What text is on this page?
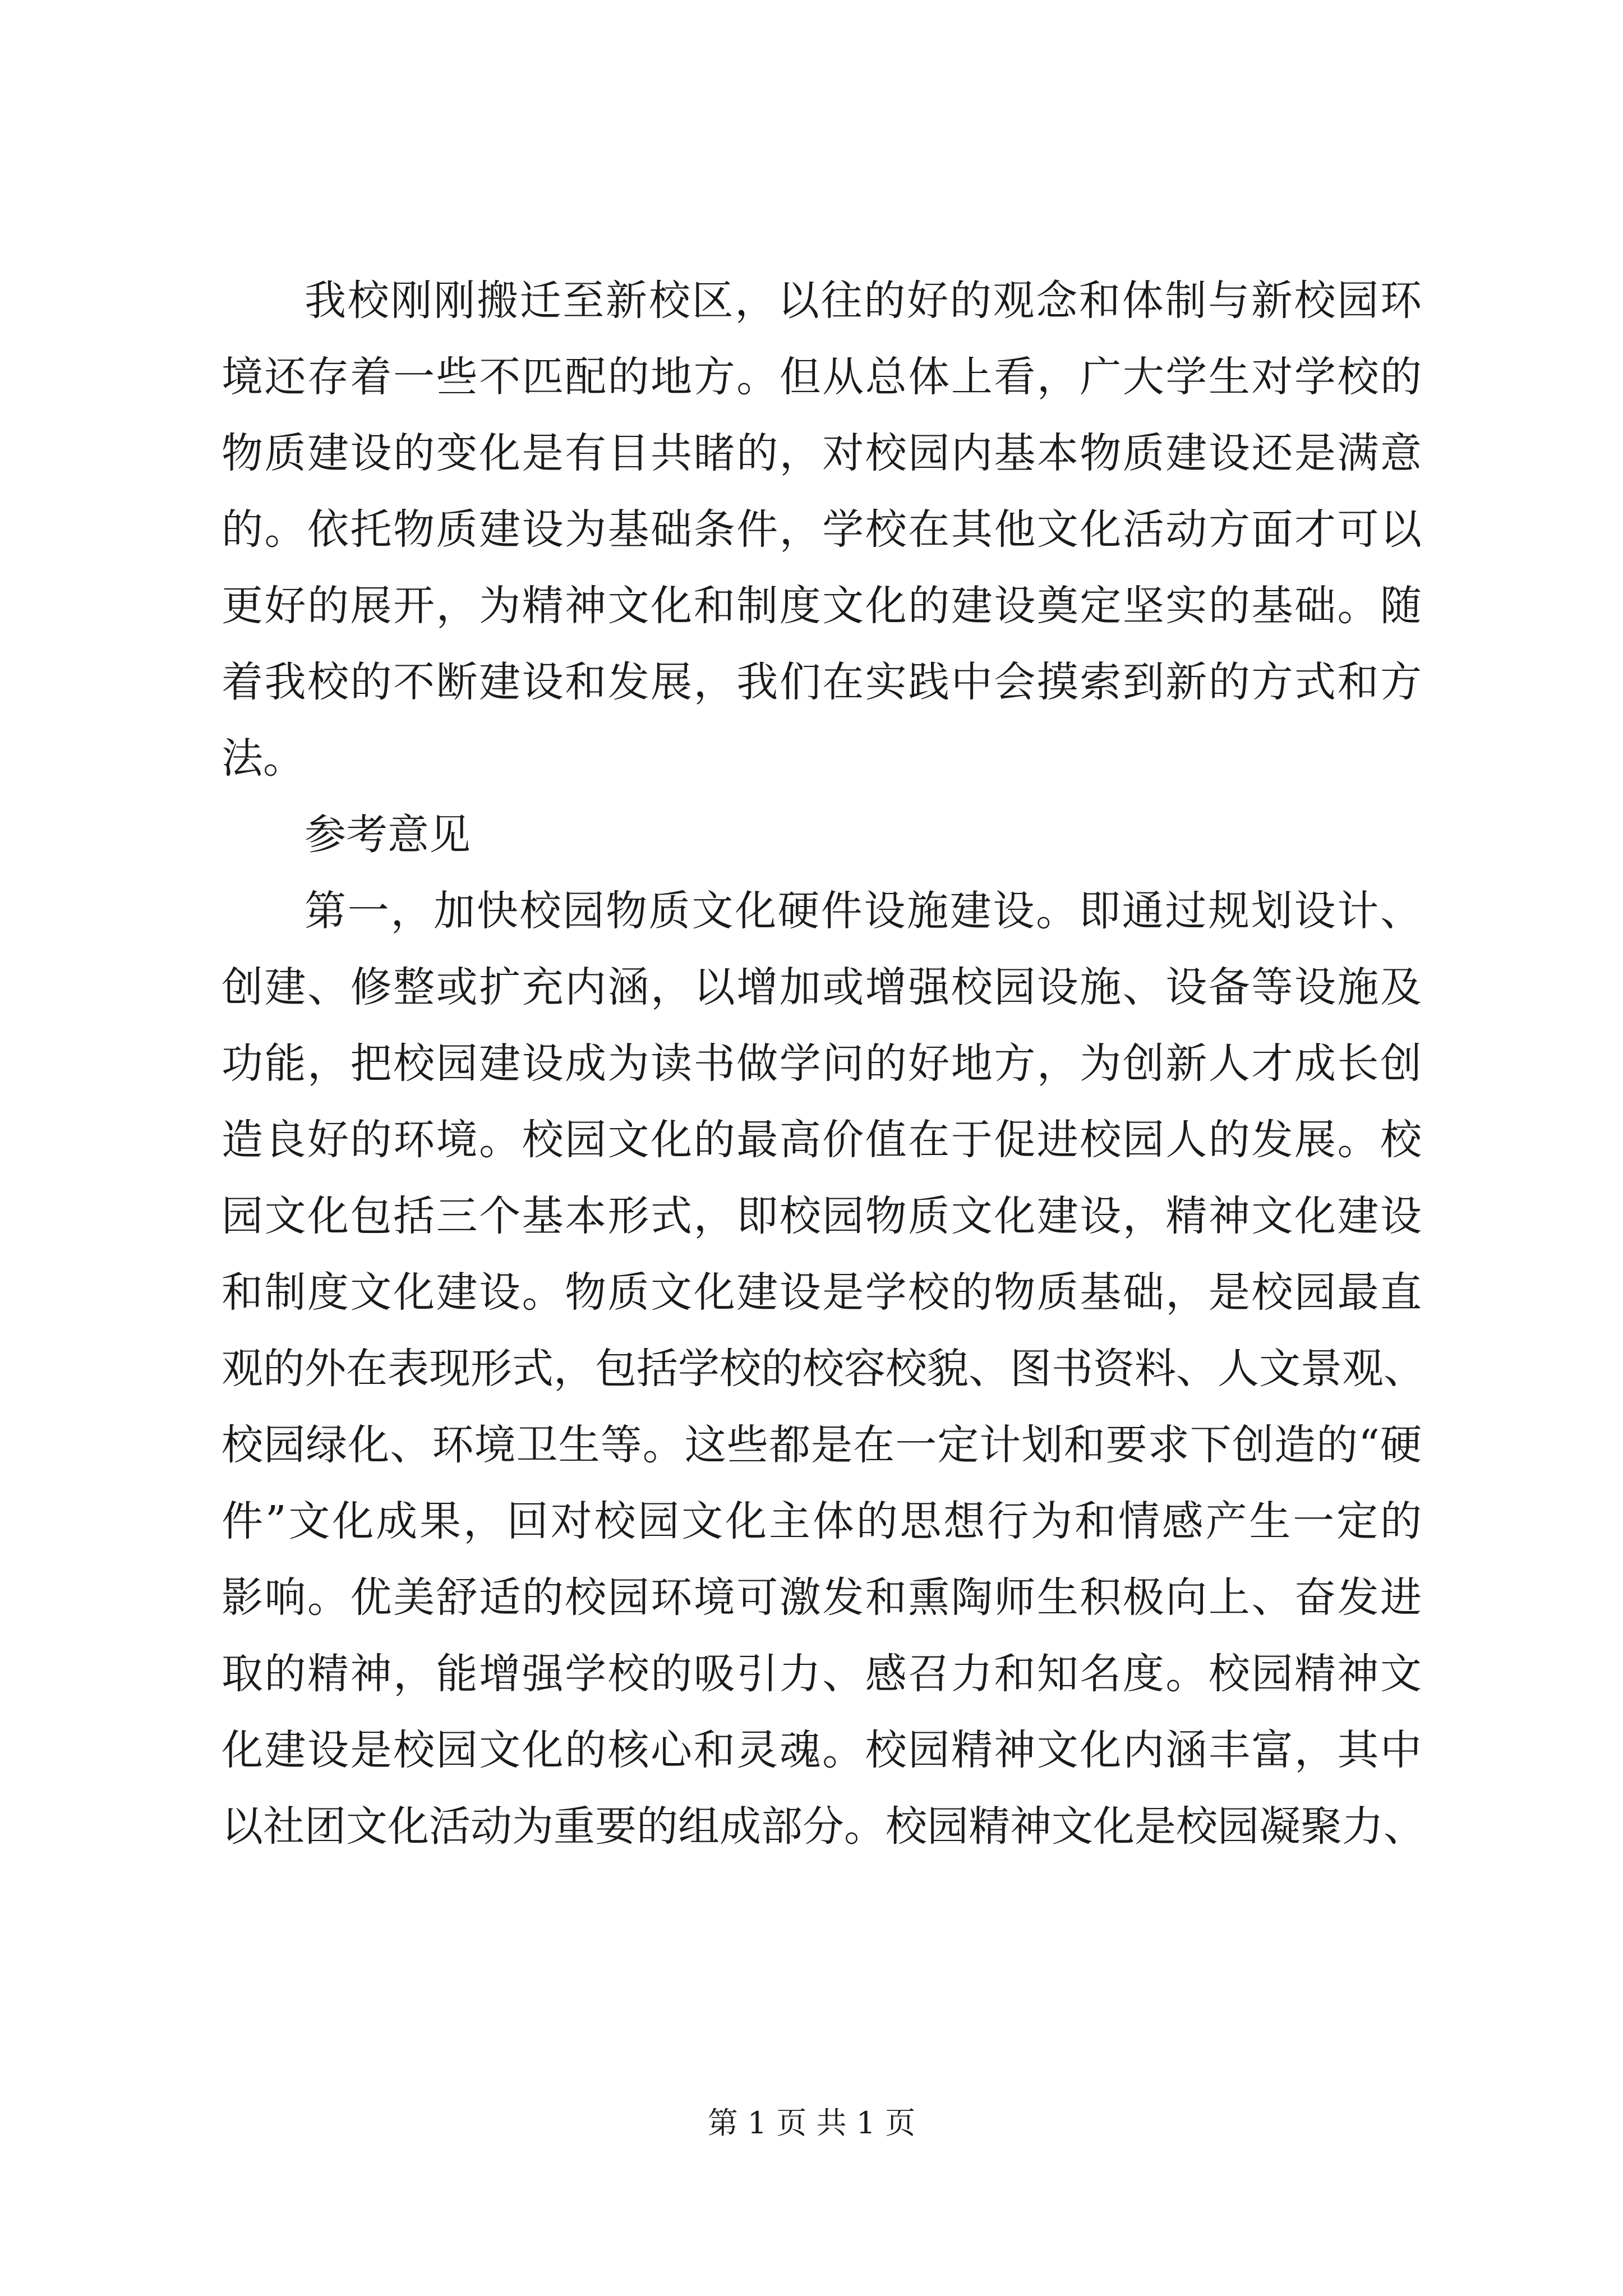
我校刚刚搬迁至新校区，以往的好的观念和体制与新校园环
境还存着一些不匹配的地方。但从总体上看，广大学生对学校的
物质建设的变化是有目共睹的，对校园内基本物质建设还是满意
的。依托物质建设为基础条件，学校在其他文化活动方面才可以
更好的展开，为精神文化和制度文化的建设奠定坚实的基础。随
着我校的不断建设和发展，我们在实践中会摸索到新的方式和方
法。
参考意见
第一，加快校园物质文化硬件设施建设。即通过规划设计、
创建、修整或扩充内涵，以增加或增强校园设施、设备等设施及
功能，把校园建设成为读书做学问的好地方，为创新人才成长创
造良好的环境。校园文化的最高价值在于促进校园人的发展。校
园文化包括三个基本形式，即校园物质文化建设，精神文化建设
和制度文化建设。物质文化建设是学校的物质基础，是校园最直
观的外在表现形式，包括学校的校容校貌、图书资料、人文景观、
校园绿化、环境卫生等。这些都是在一定计划和要求下创造的“硬
件”文化成果，回对校园文化主体的思想行为和情感产生一定的
影响。优美舒适的校园环境可激发和熏陶师生积极向上、奋发进
取的精神，能增强学校的吸引力、感召力和知名度。校园精神文
化建设是校园文化的核心和灵魂。校园精神文化内涵丰富，其中
以社团文化活动为重要的组成部分。校园精神文化是校园凝聚力、
第 1 页 共 1 页
